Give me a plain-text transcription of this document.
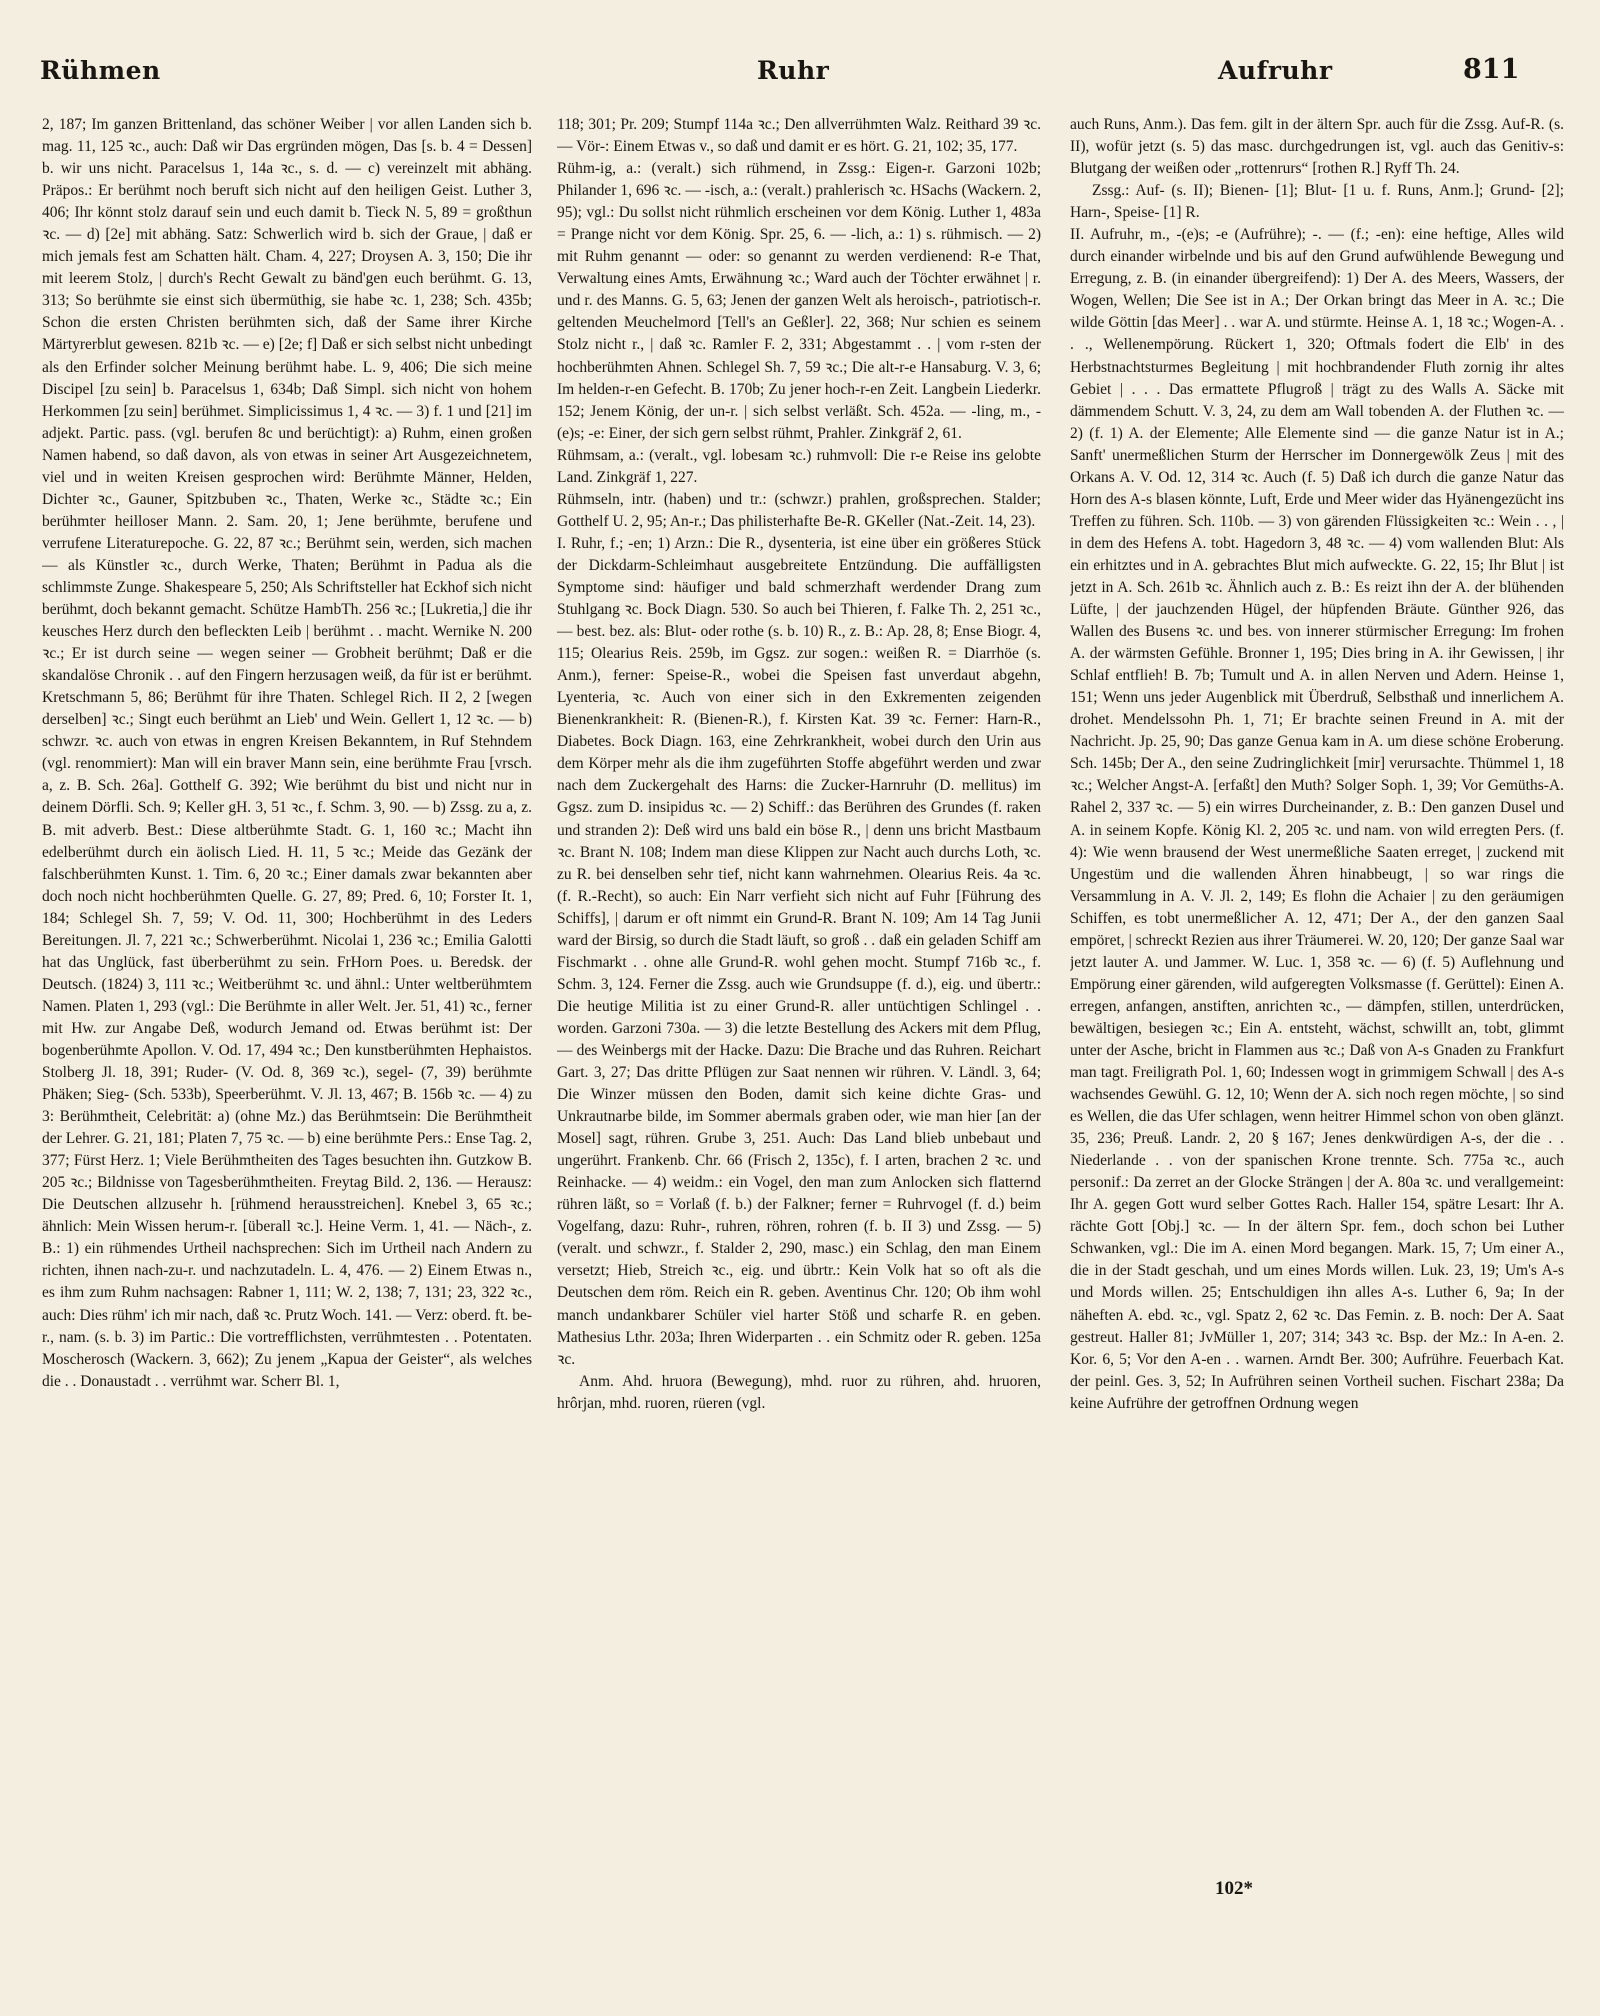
Rühmen	Ruhr	Aufruhr	811

2, 187; Im ganzen Brittenland, das schöner Weiber | vor allen Landen sich b. mag. 11, 125 ꝛc., auch: Daß wir Das ergründen mögen, Das [s. b. 4 = Dessen] b. wir uns nicht. Paracelsus 1, 14a ꝛc., s. d. — c) vereinzelt mit abhäng. Präpos.: Er berühmt noch beruft sich nicht auf den heiligen Geist. Luther 3, 406; Ihr könnt stolz darauf sein und euch damit b. Tieck N. 5, 89 = großthun ꝛc. — d) [2e] mit abhäng. Satz: Schwerlich wird b. sich der Graue, | daß er mich jemals fest am Schatten hält. Cham. 4, 227; Droysen A. 3, 150; Die ihr mit leerem Stolz, | durch's Recht Gewalt zu bänd'gen euch berühmt. G. 13, 313; So berühmte sie einst sich übermüthig, sie habe ꝛc. 1, 238; Sch. 435b; Schon die ersten Christen berühmten sich, daß der Same ihrer Kirche Märtyrerblut gewesen. 821b ꝛc. — e) [2e; f] Daß er sich selbst nicht unbedingt als den Erfinder solcher Meinung berühmt habe. L. 9, 406; Die sich meine Discipel [zu sein] b. Paracelsus 1, 634b; Daß Simpl. sich nicht von hohem Herkommen [zu sein] berühmet. Simplicissimus 1, 4 ꝛc. — 3) f. 1 und [21] im adjekt. Partic. pass. (vgl. berufen 8c und berüchtigt): a) Ruhm, einen großen Namen habend, so daß davon, als von etwas in seiner Art Ausgezeichnetem, viel und in weiten Kreisen gesprochen wird: Berühmte Männer, Helden, Dichter ꝛc., Gauner, Spitzbuben ꝛc., Thaten, Werke ꝛc., Städte ꝛc.; Ein berühmter heilloser Mann. 2. Sam. 20, 1; Jene berühmte, berufene und verrufene Literaturepoche. G. 22, 87 ꝛc.; Berühmt sein, werden, sich machen — als Künstler ꝛc., durch Werke, Thaten; Berühmt in Padua als die schlimmste Zunge. Shakespeare 5, 250; Als Schriftsteller hat Eckhof sich nicht berühmt, doch bekannt gemacht. Schütze HambTh. 256 ꝛc.; [Lukretia,] die ihr keusches Herz durch den befleckten Leib | berühmt . . macht. Wernike N. 200 ꝛc.; Er ist durch seine — wegen seiner — Grobheit berühmt; Daß er die skandalöse Chronik . . auf den Fingern herzusagen weiß, da für ist er berühmt. Kretschmann 5, 86; Berühmt für ihre Thaten. Schlegel Rich. II 2, 2 [wegen derselben] ꝛc.; Singt euch berühmt an Lieb' und Wein. Gellert 1, 12 ꝛc. — b) schwzr. ꝛc. auch von etwas in engren Kreisen Bekanntem, in Ruf Stehndem (vgl. renommiert): Man will ein braver Mann sein, eine berühmte Frau [vrsch. a, z. B. Sch. 26a]. Gotthelf G. 392; Wie berühmt du bist und nicht nur in deinem Dörfli. Sch. 9; Keller gH. 3, 51 ꝛc., f. Schm. 3, 90. — b) Zssg. zu a, z. B. mit adverb. Best.: Diese altberühmte Stadt. G. 1, 160 ꝛc.; Macht ihn edelberühmt durch ein äolisch Lied. H. 11, 5 ꝛc.; Meide das Gezänk der falschberühmten Kunst. 1. Tim. 6, 20 ꝛc.; Einer damals zwar bekannten aber doch noch nicht hochberühmten Quelle. G. 27, 89; Pred. 6, 10; Forster It. 1, 184; Schlegel Sh. 7, 59; V. Od. 11, 300; Hochberühmt in des Leders Bereitungen. Jl. 7, 221 ꝛc.; Schwerberühmt. Nicolai 1, 236 ꝛc.; Emilia Galotti hat das Unglück, fast überberühmt zu sein. FrHorn Poes. u. Beredsk. der Deutsch. (1824) 3, 111 ꝛc.; Weitberühmt ꝛc. und ähnl.: Unter weltberühmtem Namen. Platen 1, 293 (vgl.: Die Berühmte in aller Welt. Jer. 51, 41) ꝛc., ferner mit Hw. zur Angabe Deß, wodurch Jemand od. Etwas berühmt ist: Der bogenberühmte Apollon. V. Od. 17, 494 ꝛc.; Den kunstberühmten Hephaistos. Stolberg Jl. 18, 391; Ruder- (V. Od. 8, 369 ꝛc.), segel- (7, 39) berühmte Phäken; Sieg- (Sch. 533b), Speerberühmt. V. Jl. 13, 467; B. 156b ꝛc. — 4) zu 3: Berühmtheit, Celebrität: a) (ohne Mz.) das Berühmtsein: Die Berühmtheit der Lehrer. G. 21, 181; Platen 7, 75 ꝛc. — b) eine berühmte Pers.: Ense Tag. 2, 377; Fürst Herz. 1; Viele Berühmtheiten des Tages besuchten ihn. Gutzkow B. 205 ꝛc.; Bildnisse von Tagesberühmtheiten. Freytag Bild. 2, 136. — Herausz: Die Deutschen allzusehr h. [rühmend herausstreichen]. Knebel 3, 65 ꝛc.; ähnlich: Mein Wissen herum-r. [überall ꝛc.]. Heine Verm. 1, 41. — Näch-, z. B.: 1) ein rühmendes Urtheil nachsprechen: Sich im Urtheil nach Andern zu richten, ihnen nach-zu-r. und nachzutadeln. L. 4, 476. — 2) Einem Etwas n., es ihm zum Ruhm nachsagen: Rabner 1, 111; W. 2, 138; 7, 131; 23, 322 ꝛc., auch: Dies rühm' ich mir nach, daß ꝛc. Prutz Woch. 141. — Verz: oberd. ft. be-r., nam. (s. b. 3) im Partic.: Die vortrefflichsten, verrühmtesten . . Potentaten. Moscherosch (Wackern. 3, 662); Zu jenem „Kapua der Geister“, als welches die . . Donaustadt . . verrühmt war. Scherr Bl. 1,

118; 301; Pr. 209; Stumpf 114a ꝛc.; Den allverrühmten Walz. Reithard 39 ꝛc. — Vör-: Einem Etwas v., so daß und damit er es hört. G. 21, 102; 35, 177.

Rühm-ig, a.: (veralt.) sich rühmend, in Zssg.: Eigen-r. Garzoni 102b; Philander 1, 696 ꝛc. — -isch, a.: (veralt.) prahlerisch ꝛc. HSachs (Wackern. 2, 95); vgl.: Du sollst nicht rühmlich erscheinen vor dem König. Luther 1, 483a = Prange nicht vor dem König. Spr. 25, 6. — -lich, a.: 1) s. rühmisch. — 2) mit Ruhm genannt — oder: so genannt zu werden verdienend: R-e That, Verwaltung eines Amts, Erwähnung ꝛc.; Ward auch der Töchter erwähnet | r. und r. des Manns. G. 5, 63; Jenen der ganzen Welt als heroisch-, patriotisch-r. geltenden Meuchelmord [Tell's an Geßler]. 22, 368; Nur schien es seinem Stolz nicht r., | daß ꝛc. Ramler F. 2, 331; Abgestammt . . | vom r-sten der hochberühmten Ahnen. Schlegel Sh. 7, 59 ꝛc.; Die alt-r-e Hansaburg. V. 3, 6; Im helden-r-en Gefecht. B. 170b; Zu jener hoch-r-en Zeit. Langbein Liederkr. 152; Jenem König, der un-r. | sich selbst verläßt. Sch. 452a. — -ling, m., -(e)s; -e: Einer, der sich gern selbst rühmt, Prahler. Zinkgräf 2, 61.

Rühmsam, a.: (veralt., vgl. lobesam ꝛc.) ruhmvoll: Die r-e Reise ins gelobte Land. Zinkgräf 1, 227.

Rühmseln, intr. (haben) und tr.: (schwzr.) prahlen, großsprechen. Stalder; Gotthelf U. 2, 95; An-r.; Das philisterhafte Be-R. GKeller (Nat.-Zeit. 14, 23).

I. Ruhr, f.; -en; 1) Arzn.: Die R., dysenteria, ist eine über ein größeres Stück der Dickdarm-Schleimhaut ausgebreitete Entzündung. Die auffälligsten Symptome sind: häufiger und bald schmerzhaft werdender Drang zum Stuhlgang ꝛc. Bock Diagn. 530. So auch bei Thieren, f. Falke Th. 2, 251 ꝛc., — best. bez. als: Blut- oder rothe (s. b. 10) R., z. B.: Ap. 28, 8; Ense Biogr. 4, 115; Olearius Reis. 259b, im Ggsz. zur sogen.: weißen R. = Diarrhöe (s. Anm.), ferner: Speise-R., wobei die Speisen fast unverdaut abgehn, Lyenteria, ꝛc. Auch von einer sich in den Exkrementen zeigenden Bienenkrankheit: R. (Bienen-R.), f. Kirsten Kat. 39 ꝛc. Ferner: Harn-R., Diabetes. Bock Diagn. 163, eine Zehrkrankheit, wobei durch den Urin aus dem Körper mehr als die ihm zugeführten Stoffe abgeführt werden und zwar nach dem Zuckergehalt des Harns: die Zucker-Harnruhr (D. mellitus) im Ggsz. zum D. insipidus ꝛc. — 2) Schiff.: das Berühren des Grundes (f. raken und stranden 2): Deß wird uns bald ein böse R., | denn uns bricht Mastbaum ꝛc. Brant N. 108; Indem man diese Klippen zur Nacht auch durchs Loth, ꝛc. zu R. bei denselben sehr tief, nicht kann wahrnehmen. Olearius Reis. 4a ꝛc. (f. R.-Recht), so auch: Ein Narr verfieht sich nicht auf Fuhr [Führung des Schiffs], | darum er oft nimmt ein Grund-R. Brant N. 109; Am 14 Tag Junii ward der Birsig, so durch die Stadt läuft, so groß . . daß ein geladen Schiff am Fischmarkt . . ohne alle Grund-R. wohl gehen mocht. Stumpf 716b ꝛc., f. Schm. 3, 124. Ferner die Zssg. auch wie Grundsuppe (f. d.), eig. und übertr.: Die heutige Militia ist zu einer Grund-R. aller untüchtigen Schlingel . . worden. Garzoni 730a. — 3) die letzte Bestellung des Ackers mit dem Pflug, — des Weinbergs mit der Hacke. Dazu: Die Brache und das Ruhren. Reichart Gart. 3, 27; Das dritte Pflügen zur Saat nennen wir rühren. V. Ländl. 3, 64; Die Winzer müssen den Boden, damit sich keine dichte Gras- und Unkrautnarbe bilde, im Sommer abermals graben oder, wie man hier [an der Mosel] sagt, rühren. Grube 3, 251. Auch: Das Land blieb unbebaut und ungerührt. Frankenb. Chr. 66 (Frisch 2, 135c), f. I arten, brachen 2 ꝛc. und Reinhacke. — 4) weidm.: ein Vogel, den man zum Anlocken sich flatternd rühren läßt, so = Vorlaß (f. b.) der Falkner; ferner = Ruhrvogel (f. d.) beim Vogelfang, dazu: Ruhr-, ruhren, röhren, rohren (f. b. II 3) und Zssg. — 5) (veralt. und schwzr., f. Stalder 2, 290, masc.) ein Schlag, den man Einem versetzt; Hieb, Streich ꝛc., eig. und übrtr.: Kein Volk hat so oft als die Deutschen dem röm. Reich ein R. geben. Aventinus Chr. 120; Ob ihm wohl manch undankbarer Schüler viel harter Stöß und scharfe R. en geben. Mathesius Lthr. 203a; Ihren Widerparten . . ein Schmitz oder R. geben. 125a ꝛc.

Anm. Ahd. hruora (Bewegung), mhd. ruor zu rühren, ahd. hruoren, hrôrjan, mhd. ruoren, rüeren (vgl.

auch Runs, Anm.). Das fem. gilt in der ältern Spr. auch für die Zssg. Auf-R. (s. II), wofür jetzt (s. 5) das masc. durchgedrungen ist, vgl. auch das Genitiv-s: Blutgang der weißen oder „rottenrurs“ [rothen R.] Ryff Th. 24.

Zssg.: Auf- (s. II); Bienen- [1]; Blut- [1 u. f. Runs, Anm.]; Grund- [2]; Harn-, Speise- [1] R.

II. Aufruhr, m., -(e)s; -e (Aufrühre); -. — (f.; -en): eine heftige, Alles wild durch einander wirbelnde und bis auf den Grund aufwühlende Bewegung und Erregung, z. B. (in einander übergreifend): 1) Der A. des Meers, Wassers, der Wogen, Wellen; Die See ist in A.; Der Orkan bringt das Meer in A. ꝛc.; Die wilde Göttin [das Meer] . . war A. und stürmte. Heinse A. 1, 18 ꝛc.; Wogen-A. . . ., Wellenempörung. Rückert 1, 320; Oftmals fodert die Elb' in des Herbstnachtsturmes Begleitung | mit hochbrandender Fluth zornig ihr altes Gebiet | . . . Das ermattete Pflugroß | trägt zu des Walls A. Säcke mit dämmendem Schutt. V. 3, 24, zu dem am Wall tobenden A. der Fluthen ꝛc. — 2) (f. 1) A. der Elemente; Alle Elemente sind — die ganze Natur ist in A.; Sanft' unermeßlichen Sturm der Herrscher im Donnergewölk Zeus | mit des Orkans A. V. Od. 12, 314 ꝛc. Auch (f. 5) Daß ich durch die ganze Natur das Horn des A-s blasen könnte, Luft, Erde und Meer wider das Hyänengezücht ins Treffen zu führen. Sch. 110b. — 3) von gärenden Flüssigkeiten ꝛc.: Wein . . , | in dem des Hefens A. tobt. Hagedorn 3, 48 ꝛc. — 4) vom wallenden Blut: Als ein erhitztes und in A. gebrachtes Blut mich aufweckte. G. 22, 15; Ihr Blut | ist jetzt in A. Sch. 261b ꝛc. Ähnlich auch z. B.: Es reizt ihn der A. der blühenden Lüfte, | der jauchzenden Hügel, der hüpfenden Bräute. Günther 926, das Wallen des Busens ꝛc. und bes. von innerer stürmischer Erregung: Im frohen A. der wärmsten Gefühle. Bronner 1, 195; Dies bring in A. ihr Gewissen, | ihr Schlaf entflieh! B. 7b; Tumult und A. in allen Nerven und Adern. Heinse 1, 151; Wenn uns jeder Augenblick mit Überdruß, Selbsthaß und innerlichem A. drohet. Mendelssohn Ph. 1, 71; Er brachte seinen Freund in A. mit der Nachricht. Jp. 25, 90; Das ganze Genua kam in A. um diese schöne Eroberung. Sch. 145b; Der A., den seine Zudringlichkeit [mir] verursachte. Thümmel 1, 18 ꝛc.; Welcher Angst-A. [erfaßt] den Muth? Solger Soph. 1, 39; Vor Gemüths-A. Rahel 2, 337 ꝛc. — 5) ein wirres Durcheinander, z. B.: Den ganzen Dusel und A. in seinem Kopfe. König Kl. 2, 205 ꝛc. und nam. von wild erregten Pers. (f. 4): Wie wenn brausend der West unermeßliche Saaten erreget, | zuckend mit Ungestüm und die wallenden Ähren hinabbeugt, | so war rings die Versammlung in A. V. Jl. 2, 149; Es flohn die Achaier | zu den geräumigen Schiffen, es tobt unermeßlicher A. 12, 471; Der A., der den ganzen Saal empöret, | schreckt Rezien aus ihrer Träumerei. W. 20, 120; Der ganze Saal war jetzt lauter A. und Jammer. W. Luc. 1, 358 ꝛc. — 6) (f. 5) Auflehnung und Empörung einer gärenden, wild aufgeregten Volksmasse (f. Gerüttel): Einen A. erregen, anfangen, anstiften, anrichten ꝛc., — dämpfen, stillen, unterdrücken, bewältigen, besiegen ꝛc.; Ein A. entsteht, wächst, schwillt an, tobt, glimmt unter der Asche, bricht in Flammen aus ꝛc.; Daß von A-s Gnaden zu Frankfurt man tagt. Freiligrath Pol. 1, 60; Indessen wogt in grimmigem Schwall | des A-s wachsendes Gewühl. G. 12, 10; Wenn der A. sich noch regen möchte, | so sind es Wellen, die das Ufer schlagen, wenn heitrer Himmel schon von oben glänzt. 35, 236; Preuß. Landr. 2, 20 § 167; Jenes denkwürdigen A-s, der die . . Niederlande . . von der spanischen Krone trennte. Sch. 775a ꝛc., auch personif.: Da zerret an der Glocke Strängen | der A. 80a ꝛc. und verallgemeint: Ihr A. gegen Gott wurd selber Gottes Rach. Haller 154, spätre Lesart: Ihr A. rächte Gott [Obj.] ꝛc. — In der ältern Spr. fem., doch schon bei Luther Schwanken, vgl.: Die im A. einen Mord begangen. Mark. 15, 7; Um einer A., die in der Stadt geschah, und um eines Mords willen. Luk. 23, 19; Um's A-s und Mords willen. 25; Entschuldigen ihn alles A-s. Luther 6, 9a; In der näheften A. ebd. ꝛc., vgl. Spatz 2, 62 ꝛc. Das Femin. z. B. noch: Der A. Saat gestreut. Haller 81; JvMüller 1, 207; 314; 343 ꝛc. Bsp. der Mz.: In A-en. 2. Kor. 6, 5; Vor den A-en . . warnen. Arndt Ber. 300; Aufrühre. Feuerbach Kat. der peinl. Ges. 3, 52; In Aufrühren seinen Vortheil suchen. Fischart 238a; Da keine Aufrühre der getroffnen Ordnung wegen

102*
